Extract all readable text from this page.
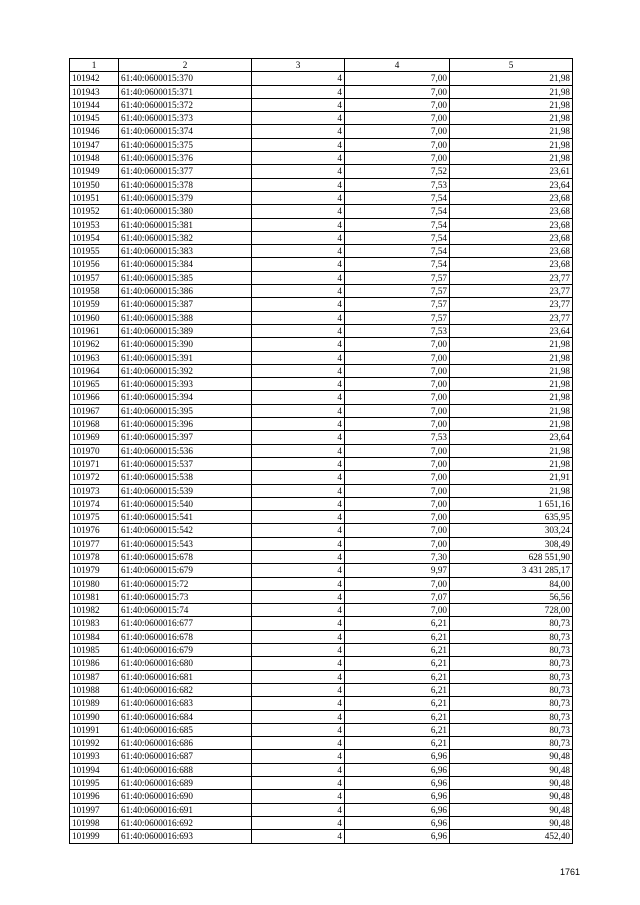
1	2	3	4	5
101942	61:40:0600015:370	4	7,00	21,98
101943	61:40:0600015:371	4	7,00	21,98
101944	61:40:0600015:372	4	7,00	21,98
101945	61:40:0600015:373	4	7,00	21,98
101946	61:40:0600015:374	4	7,00	21,98
101947	61:40:0600015:375	4	7,00	21,98
101948	61:40:0600015:376	4	7,00	21,98
101949	61:40:0600015:377	4	7,52	23,61
101950	61:40:0600015:378	4	7,53	23,64
101951	61:40:0600015:379	4	7,54	23,68
101952	61:40:0600015:380	4	7,54	23,68
101953	61:40:0600015:381	4	7,54	23,68
101954	61:40:0600015:382	4	7,54	23,68
101955	61:40:0600015:383	4	7,54	23,68
101956	61:40:0600015:384	4	7,54	23,68
101957	61:40:0600015:385	4	7,57	23,77
101958	61:40:0600015:386	4	7,57	23,77
101959	61:40:0600015:387	4	7,57	23,77
101960	61:40:0600015:388	4	7,57	23,77
101961	61:40:0600015:389	4	7,53	23,64
101962	61:40:0600015:390	4	7,00	21,98
101963	61:40:0600015:391	4	7,00	21,98
101964	61:40:0600015:392	4	7,00	21,98
101965	61:40:0600015:393	4	7,00	21,98
101966	61:40:0600015:394	4	7,00	21,98
101967	61:40:0600015:395	4	7,00	21,98
101968	61:40:0600015:396	4	7,00	21,98
101969	61:40:0600015:397	4	7,53	23,64
101970	61:40:0600015:536	4	7,00	21,98
101971	61:40:0600015:537	4	7,00	21,98
101972	61:40:0600015:538	4	7,00	21,91
101973	61:40:0600015:539	4	7,00	21,98
101974	61:40:0600015:540	4	7,00	1 651,16
101975	61:40:0600015:541	4	7,00	635,95
101976	61:40:0600015:542	4	7,00	303,24
101977	61:40:0600015:543	4	7,00	308,49
101978	61:40:0600015:678	4	7,30	628 551,90
101979	61:40:0600015:679	4	9,97	3 431 285,17
101980	61:40:0600015:72	4	7,00	84,00
101981	61:40:0600015:73	4	7,07	56,56
101982	61:40:0600015:74	4	7,00	728,00
101983	61:40:0600016:677	4	6,21	80,73
101984	61:40:0600016:678	4	6,21	80,73
101985	61:40:0600016:679	4	6,21	80,73
101986	61:40:0600016:680	4	6,21	80,73
101987	61:40:0600016:681	4	6,21	80,73
101988	61:40:0600016:682	4	6,21	80,73
101989	61:40:0600016:683	4	6,21	80,73
101990	61:40:0600016:684	4	6,21	80,73
101991	61:40:0600016:685	4	6,21	80,73
101992	61:40:0600016:686	4	6,21	80,73
101993	61:40:0600016:687	4	6,96	90,48
101994	61:40:0600016:688	4	6,96	90,48
101995	61:40:0600016:689	4	6,96	90,48
101996	61:40:0600016:690	4	6,96	90,48
101997	61:40:0600016:691	4	6,96	90,48
101998	61:40:0600016:692	4	6,96	90,48
101999	61:40:0600016:693	4	6,96	452,40
1761
